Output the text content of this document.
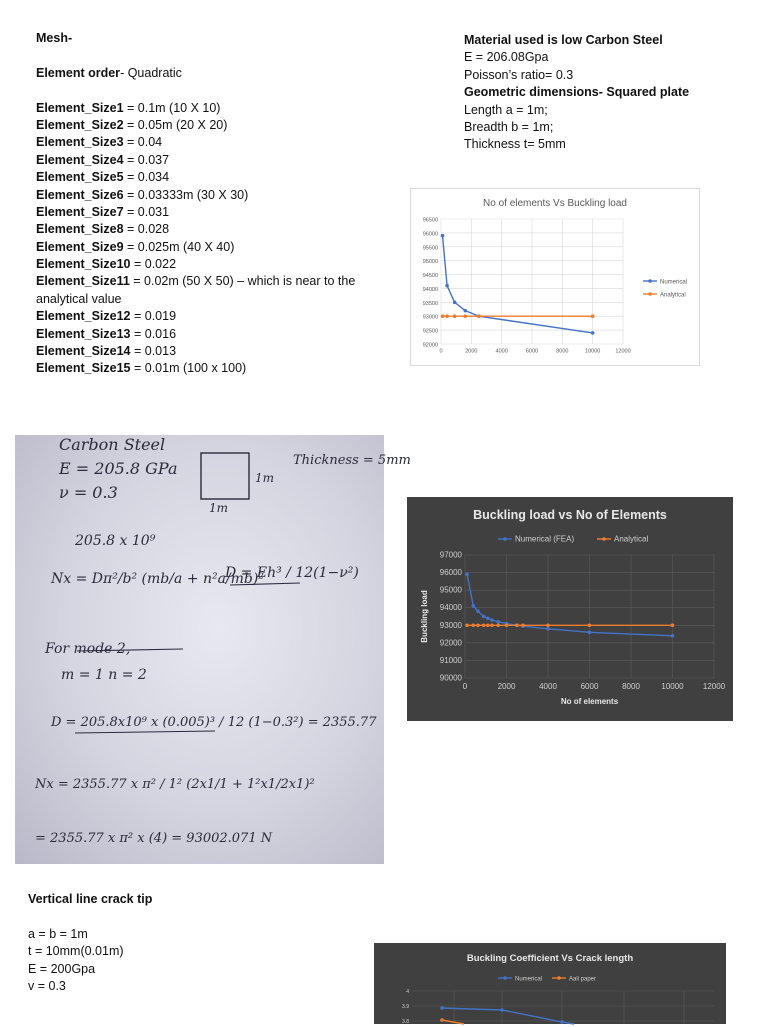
Mesh-
Element order- Quadratic
Element_Size1 = 0.1m (10 X 10)
Element_Size2 = 0.05m (20 X 20)
Element_Size3 = 0.04
Element_Size4 = 0.037
Element_Size5 = 0.034
Element_Size6 = 0.03333m (30 X 30)
Element_Size7 = 0.031
Element_Size8 = 0.028
Element_Size9 = 0.025m (40 X 40)
Element_Size10 = 0.022
Element_Size11 = 0.02m (50 X 50) – which is near to the analytical value
Element_Size12 = 0.019
Element_Size13 = 0.016
Element_Size14 = 0.013
Element_Size15 = 0.01m (100 x 100)
Material used is low Carbon Steel
E = 206.08Gpa
Poisson’s ratio= 0.3
Geometric dimensions- Squared plate
Length a = 1m;
Breadth b = 1m;
Thickness t= 5mm
No of elements Vs Buckling load
92000
92500
93000
93500
94000
94500
95000
95500
96000
96500
0	2000	4000	6000	8000	10000	12000
Numerical
Analytical
Carbon Steel
E = 205.8 GPa
ν = 0.3
Thickness = 5mm
1m
1m
205.8 x 10⁹
Nx = Dπ²/b² (mb/a + n²a/mb)²
D = Eh³ / 12(1−ν²)
For mode 2,
m = 1 n = 2
D = 205.8x10⁹ x (0.005)³ / 12 (1−0.3²) = 2355.77
Nx = 2355.77 x π² / 1² (2x1/1 + 1²x1/2x1)²
= 2355.77 x π² x (4) = 93002.071 N
Buckling load vs No of Elements
90000
91000
92000
93000
94000
95000
96000
97000
0	2000	4000	6000	8000	10000 12000
No of elements
Buckling load
Numerical (FEA)	Analytical
Vertical line crack tip
a = b = 1m
t = 10mm(0.01m)
E = 200Gpa
v = 0.3
Buckling Coefficient Vs Crack length
Numerical	Aali paper
4
3.9
3.8
